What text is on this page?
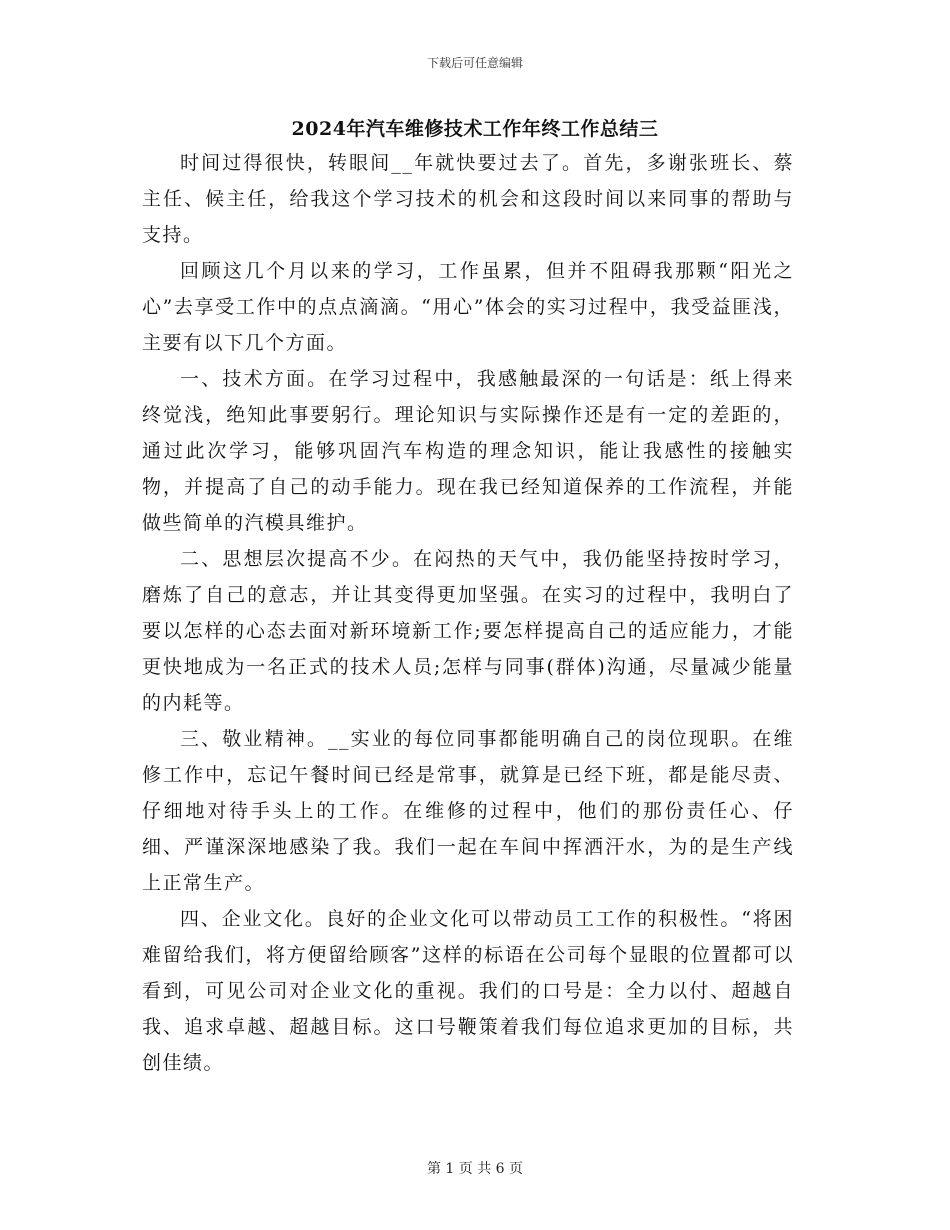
下载后可任意编辑
2024年汽车维修技术工作年终工作总结三

时间过得很快，转眼间__年就快要过去了。首先，多谢张班长、蔡主任、候主任，给我这个学习技术的机会和这段时间以来同事的帮助与支持。

回顾这几个月以来的学习，工作虽累，但并不阻碍我那颗“阳光之心”去享受工作中的点点滴滴。“用心”体会的实习过程中，我受益匪浅，主要有以下几个方面。

一、技术方面。在学习过程中，我感触最深的一句话是：纸上得来终觉浅，绝知此事要躬行。理论知识与实际操作还是有一定的差距的，通过此次学习，能够巩固汽车构造的理念知识，能让我感性的接触实物，并提高了自己的动手能力。现在我已经知道保养的工作流程，并能做些简单的汽模具维护。

二、思想层次提高不少。在闷热的天气中，我仍能坚持按时学习，磨炼了自己的意志，并让其变得更加坚强。在实习的过程中，我明白了要以怎样的心态去面对新环境新工作;要怎样提高自己的适应能力，才能更快地成为一名正式的技术人员;怎样与同事(群体)沟通，尽量减少能量的内耗等。

三、敬业精神。__实业的每位同事都能明确自己的岗位现职。在维修工作中，忘记午餐时间已经是常事，就算是已经下班，都是能尽责、仔细地对待手头上的工作。在维修的过程中，他们的那份责任心、仔细、严谨深深地感染了我。我们一起在车间中挥洒汗水，为的是生产线上正常生产。

四、企业文化。良好的企业文化可以带动员工工作的积极性。“将困难留给我们，将方便留给顾客”这样的标语在公司每个显眼的位置都可以看到，可见公司对企业文化的重视。我们的口号是：全力以付、超越自我、追求卓越、超越目标。这口号鞭策着我们每位追求更加的目标，共创佳绩。

第 1 页 共 6 页
